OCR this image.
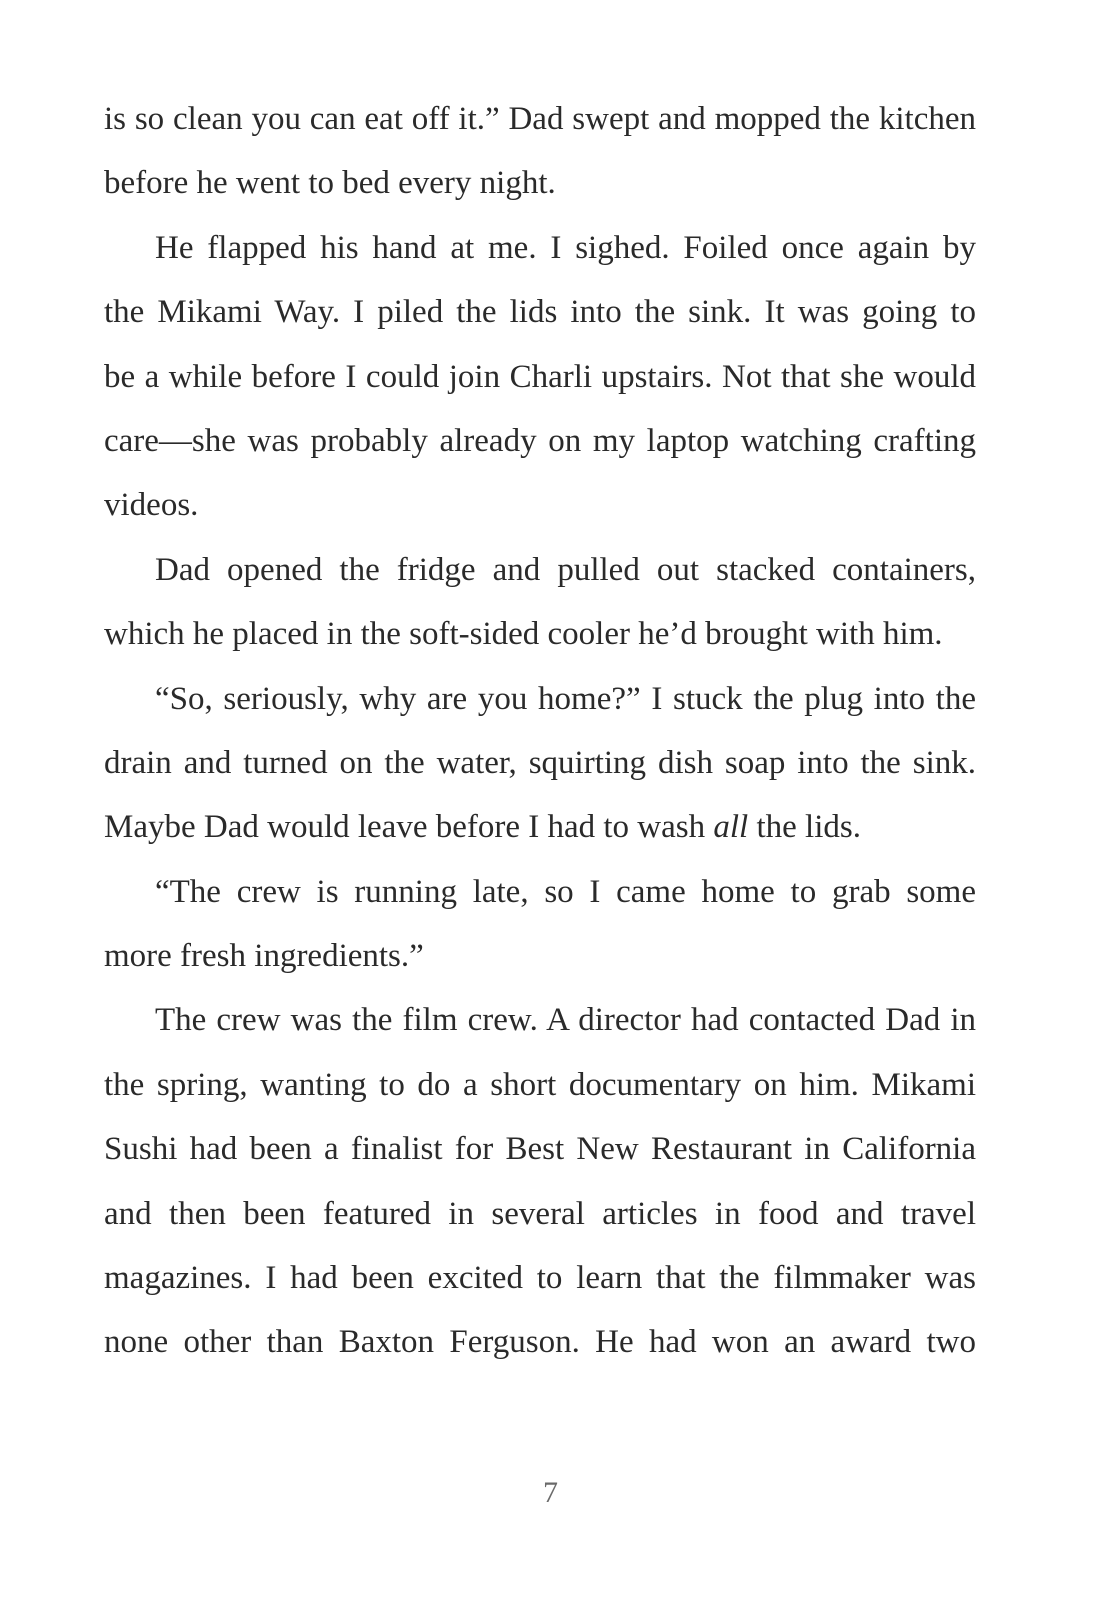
is so clean you can eat off it.” Dad swept and mopped the kitchen
before he went to bed every night.
He flapped his hand at me. I sighed. Foiled once again by
the Mikami Way. I piled the lids into the sink. It was going to
be a while before I could join Charli upstairs. Not that she would
care—she was probably already on my laptop watching crafting
videos.
Dad opened the fridge and pulled out stacked containers,
which he placed in the soft-sided cooler he’d brought with him.
“So, seriously, why are you home?” I stuck the plug into the
drain and turned on the water, squirting dish soap into the sink.
Maybe Dad would leave before I had to wash all the lids.
“The crew is running late, so I came home to grab some
more fresh ingredients.”
The crew was the film crew. A director had contacted Dad in
the spring, wanting to do a short documentary on him. Mikami
Sushi had been a finalist for Best New Restaurant in California
and then been featured in several articles in food and travel
magazines. I had been excited to learn that the filmmaker was
none other than Baxton Ferguson. He had won an award two
7
